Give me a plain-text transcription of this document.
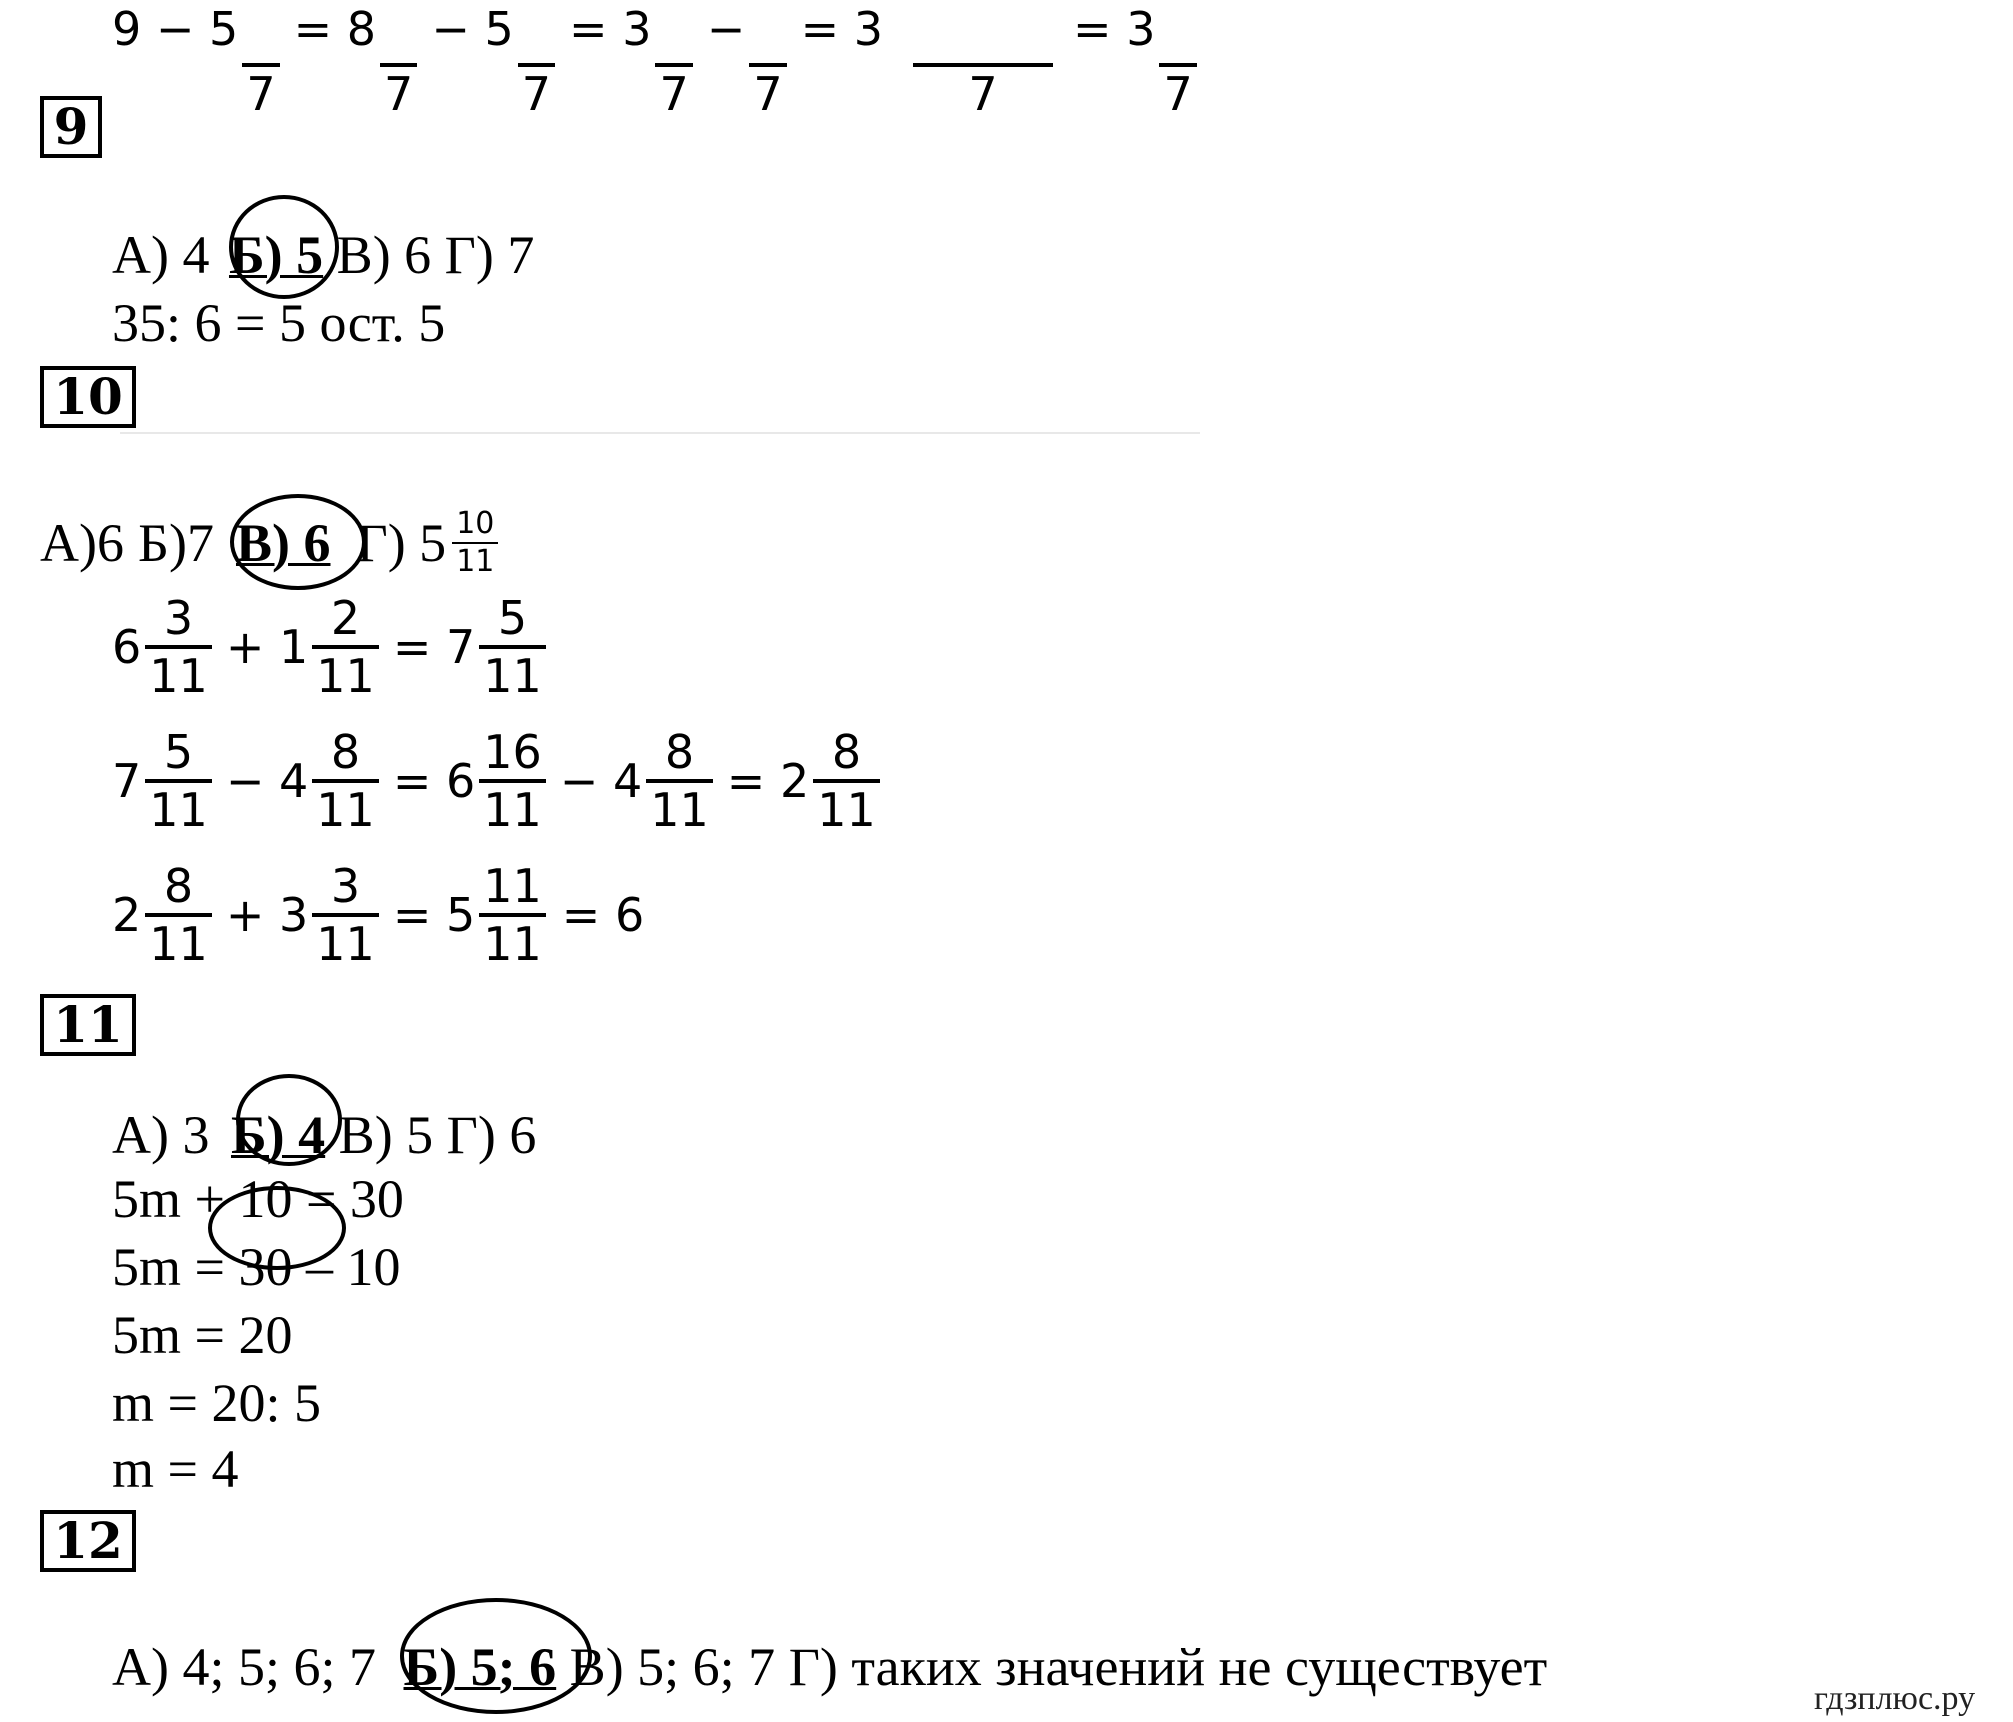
9 − 5

7
= 8

7
− 5

7
= 3

7
−

7
= 3

7
= 3

7
9
А) 4 Б) 5 В) 6 Г) 7
35: 6 = 5 ост. 5
10
А)6 Б)7 В) 6 Г) $5 \frac{10}{11}$
$6 \frac{3}{11} + 1 \frac{2}{11} = 7 \frac{5}{11}$
$7 \frac{5}{11} - 4 \frac{8}{11} = 6 \frac{16}{11} - 4 \frac{8}{11} = 2 \frac{8}{11}$
$2 \frac{8}{11} + 3 \frac{3}{11} = 5 \frac{11}{11} = 6$
11
А) 3 Б) 4 В) 5 Г) 6
5m + 10 = 30
5m = 30 – 10
5m = 20
m = 20: 5
m = 4
12
А) 4; 5; 6; 7 Б) 5; 6 В) 5; 6; 7 Г) таких значений не существует
гдзплюс.ру
